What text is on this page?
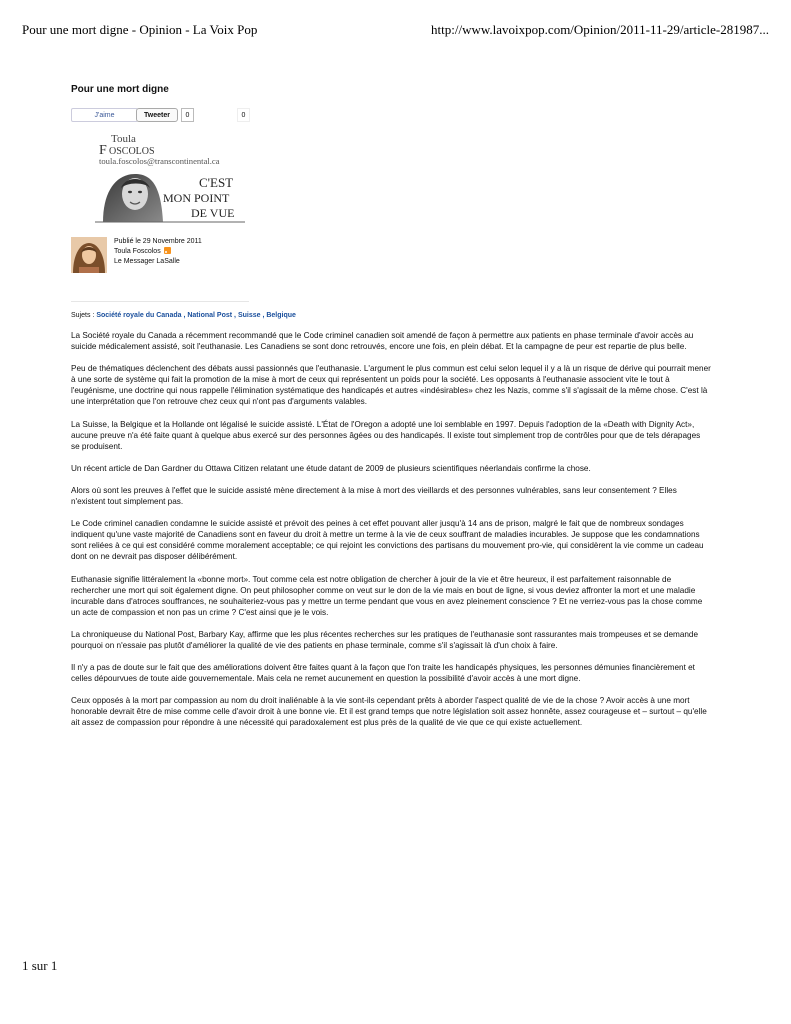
Pour une mort digne - Opinion - La Voix Pop	http://www.lavoixpop.com/Opinion/2011-11-29/article-281987...
Pour une mort digne
J'aime	Tweeter	0	0
Toula
F OSCOLOS
toula.foscolos@transcontinental.ca
C'EST
MON POINT
DE VUE
Publié le 29 Novembre 2011
Toula Foscolos
Le Messager LaSalle
Sujets : Société royale du Canada , National Post , Suisse , Belgique

La Société royale du Canada a récemment recommandé que le Code criminel canadien soit amendé de façon à permettre aux patients en phase terminale d'avoir accès au suicide médicalement assisté, soit l'euthanasie. Les Canadiens se sont donc retrouvés, encore une fois, en plein débat. Et la campagne de peur est repartie de plus belle.

Peu de thématiques déclenchent des débats aussi passionnés que l'euthanasie. L'argument le plus commun est celui selon lequel il y a là un risque de dérive qui pourrait mener à une sorte de système qui fait la promotion de la mise à mort de ceux qui représentent un poids pour la société. Les opposants à l'euthanasie associent vite le tout à l'eugénisme, une doctrine qui nous rappelle l'élimination systématique des handicapés et autres «indésirables» chez les Nazis, comme s'il s'agissait de la même chose. C'est là une interprétation que l'on retrouve chez ceux qui n'ont pas d'arguments valables.

La Suisse, la Belgique et la Hollande ont légalisé le suicide assisté. L'État de l'Oregon a adopté une loi semblable en 1997. Depuis l'adoption de la «Death with Dignity Act», aucune preuve n'a été faite quant à quelque abus exercé sur des personnes âgées ou des handicapés. Il existe tout simplement trop de contrôles pour que de tels dérapages se produisent.

Un récent article de Dan Gardner du Ottawa Citizen relatant une étude datant de 2009 de plusieurs scientifiques néerlandais confirme la chose.

Alors où sont les preuves à l'effet que le suicide assisté mène directement à la mise à mort des vieillards et des personnes vulnérables, sans leur consentement ? Elles n'existent tout simplement pas.

Le Code criminel canadien condamne le suicide assisté et prévoit des peines à cet effet pouvant aller jusqu'à 14 ans de prison, malgré le fait que de nombreux sondages indiquent qu'une vaste majorité de Canadiens sont en faveur du droit à mettre un terme à la vie de ceux souffrant de maladies incurables. Je suppose que les condamnations sont reliées à ce qui est considéré comme moralement acceptable; ce qui rejoint les convictions des partisans du mouvement pro-vie, qui considèrent la vie comme un cadeau dont on ne devrait pas disposer délibérément.

Euthanasie signifie littéralement la «bonne mort». Tout comme cela est notre obligation de chercher à jouir de la vie et être heureux, il est parfaitement raisonnable de rechercher une mort qui soit également digne. On peut philosopher comme on veut sur le don de la vie mais en bout de ligne, si vous deviez affronter la mort et une maladie incurable dans d'atroces souffrances, ne souhaiteriez-vous pas y mettre un terme pendant que vous en avez pleinement conscience ? Et ne verriez-vous pas la chose comme un acte de compassion et non pas un crime ? C'est ainsi que je le vois.

La chroniqueuse du National Post, Barbary Kay, affirme que les plus récentes recherches sur les pratiques de l'euthanasie sont rassurantes mais trompeuses et se demande pourquoi on n'essaie pas plutôt d'améliorer la qualité de vie des patients en phase terminale, comme s'il s'agissait là d'un choix à faire.

Il n'y a pas de doute sur le fait que des améliorations doivent être faites quant à la façon que l'on traite les handicapés physiques, les personnes démunies financièrement et celles dépourvues de toute aide gouvernementale. Mais cela ne remet aucunement en question la possibilité d'avoir accès à une mort digne.

Ceux opposés à la mort par compassion au nom du droit inaliénable à la vie sont-ils cependant prêts à aborder l'aspect qualité de vie de la chose ? Avoir accès à une mort honorable devrait être de mise comme celle d'avoir droit à une bonne vie. Et il est grand temps que notre législation soit assez honnête, assez courageuse et – surtout – qu'elle ait assez de compassion pour répondre à une nécessité qui paradoxalement est plus près de la qualité de vie que ce qui existe actuellement.

1 sur 1
